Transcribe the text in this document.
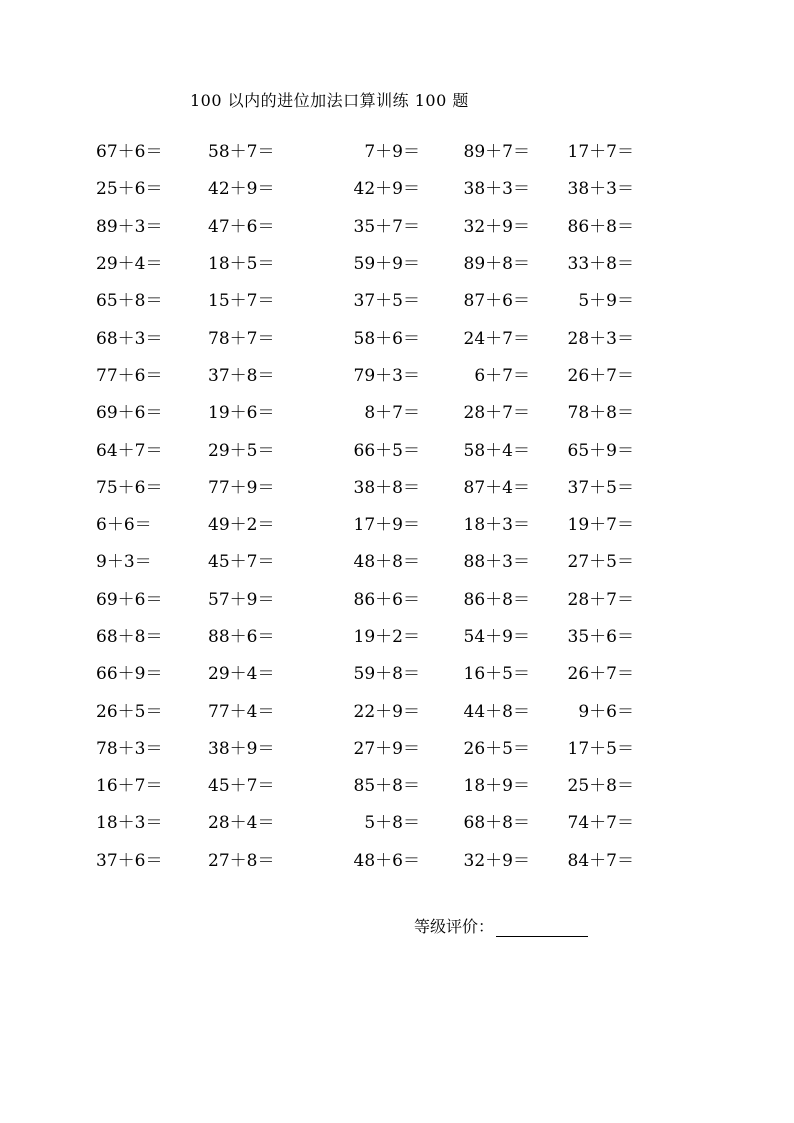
100 以内的进位加法口算训练 100 题
67＋6＝	58＋7＝	7＋9＝	89＋7＝	17＋7＝
25＋6＝	42＋9＝	42＋9＝	38＋3＝	38＋3＝
89＋3＝	47＋6＝	35＋7＝	32＋9＝	86＋8＝
29＋4＝	18＋5＝	59＋9＝	89＋8＝	33＋8＝
65＋8＝	15＋7＝	37＋5＝	87＋6＝	5＋9＝
68＋3＝	78＋7＝	58＋6＝	24＋7＝	28＋3＝
77＋6＝	37＋8＝	79＋3＝	6＋7＝	26＋7＝
69＋6＝	19＋6＝	8＋7＝	28＋7＝	78＋8＝
64＋7＝	29＋5＝	66＋5＝	58＋4＝	65＋9＝
75＋6＝	77＋9＝	38＋8＝	87＋4＝	37＋5＝
6＋6＝	49＋2＝	17＋9＝	18＋3＝	19＋7＝
9＋3＝	45＋7＝	48＋8＝	88＋3＝	27＋5＝
69＋6＝	57＋9＝	86＋6＝	86＋8＝	28＋7＝
68＋8＝	88＋6＝	19＋2＝	54＋9＝	35＋6＝
66＋9＝	29＋4＝	59＋8＝	16＋5＝	26＋7＝
26＋5＝	77＋4＝	22＋9＝	44＋8＝	9＋6＝
78＋3＝	38＋9＝	27＋9＝	26＋5＝	17＋5＝
16＋7＝	45＋7＝	85＋8＝	18＋9＝	25＋8＝
18＋3＝	28＋4＝	5＋8＝	68＋8＝	74＋7＝
37＋6＝	27＋8＝	48＋6＝	32＋9＝	84＋7＝
等级评价：
